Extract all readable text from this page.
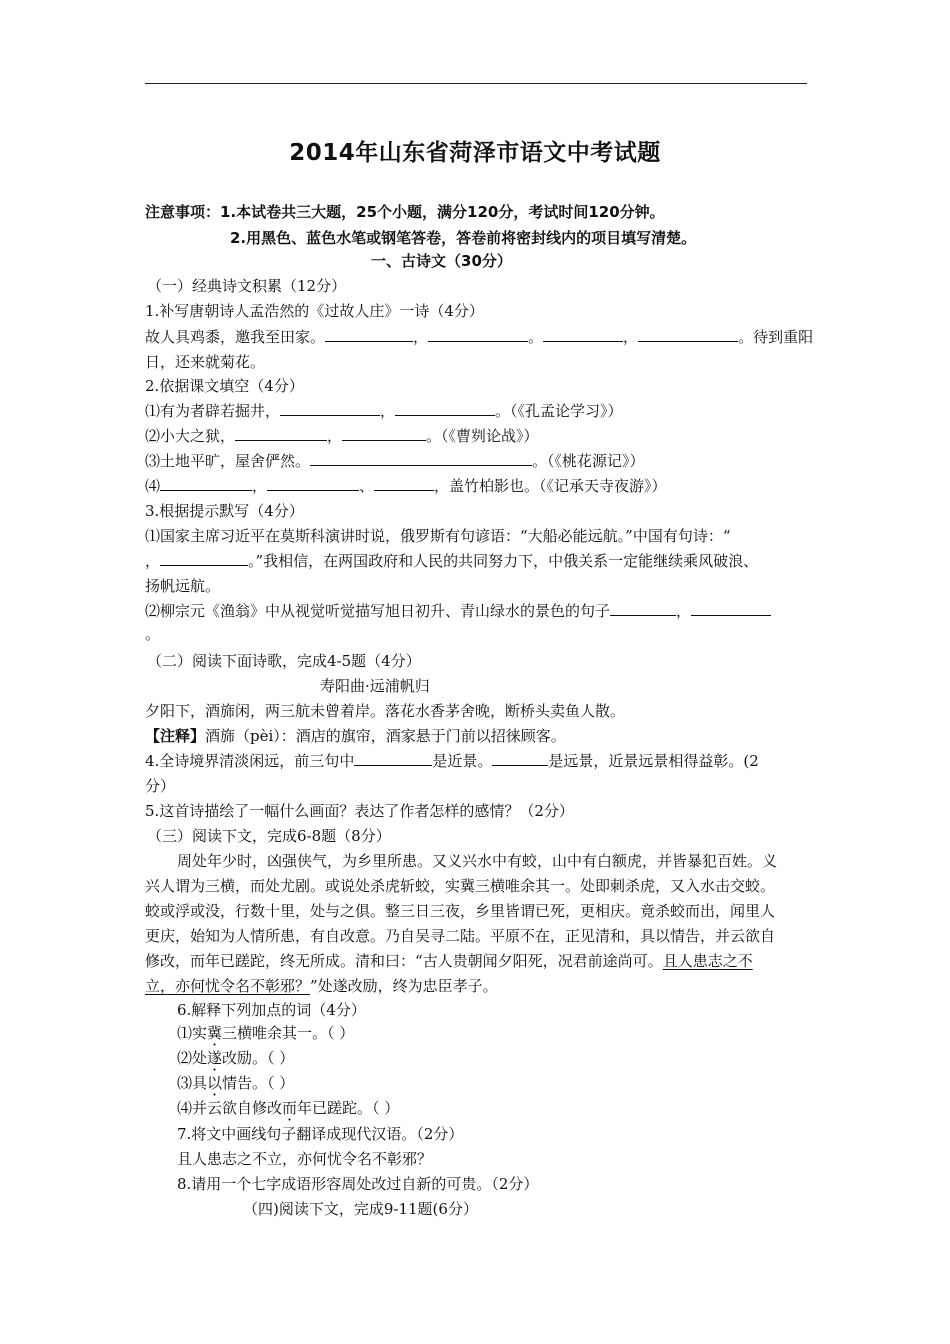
2014年山东省菏泽市语文中考试题
注意事项：1.本试卷共三大题，25个小题，满分120分，考试时间120分钟。
2.用黑色、蓝色水笔或钢笔答卷，答卷前将密封线内的项目填写清楚。
一、古诗文（30分）
（一）经典诗文积累（12分）
1.补写唐朝诗人孟浩然的《过故人庄》一诗（4分）
故人具鸡黍，邀我至田家。	，	。	，	。待到重阳
日，还来就菊花。
2.依据课文填空（4分）
⑴有为者辟若掘井，	，	。（《孔孟论学习》）
⑵小大之狱，	，	。（《曹刿论战》）
⑶土地平旷，屋舍俨然。	。（《桃花源记》）
⑷	，	、	，盖竹柏影也。（《记承天寺夜游》）
3.根据提示默写（4分）
⑴国家主席习近平在莫斯科演讲时说，俄罗斯有句谚语：“大船必能远航。”中国有句诗：“
，	。”我相信，在两国政府和人民的共同努力下，中俄关系一定能继续乘风破浪、
扬帆远航。
⑵柳宗元《渔翁》中从视觉听觉描写旭日初升、青山绿水的景色的句子	，
。
（二）阅读下面诗歌，完成4-5题（4分）
寿阳曲·远浦帆归
夕阳下，酒旆闲，两三航未曾着岸。落花水香茅舍晚，断桥头卖鱼人散。
【注释】酒旆（pèi）：酒店的旗帘，酒家悬于门前以招徕顾客。
4.全诗境界清淡闲远，前三句中	是近景。	是远景，近景远景相得益彰。(2
分）
5.这首诗描绘了一幅什么画面？表达了作者怎样的感情？（2分）
（三）阅读下文，完成6-8题（8分）
周处年少时，凶强侠气，为乡里所患。又义兴水中有蛟，山中有白额虎，并皆暴犯百姓。义
兴人谓为三横，而处尤剧。或说处杀虎斩蛟，实冀三横唯余其一。处即刺杀虎，又入水击交蛟。
蛟或浮或没，行数十里，处与之俱。整三日三夜，乡里皆谓已死，更相庆。竟杀蛟而出，闻里人
更庆，始知为人情所患，有自改意。乃自吴寻二陆。平原不在，正见清和，具以情告，并云欲自
修改，而年已蹉跎，终无所成。清和曰：“古人贵朝闻夕阳死，况君前途尚可。且人患志之不
立，亦何忧令名不彰邪？”处遂改励，终为忠臣孝子。
6.解释下列加点的词（4分）
⑴实冀三横唯余其一。（ ）
⑵处遂改励。（ ）
⑶具以情告。（ ）
⑷并云欲自修改而年已蹉跎。（ ）
7.将文中画线句子翻译成现代汉语。（2分）
且人患志之不立，亦何忧令名不彰邪？
8.请用一个七字成语形容周处改过自新的可贵。（2分）
（四)阅读下文，完成9-11题(6分）
